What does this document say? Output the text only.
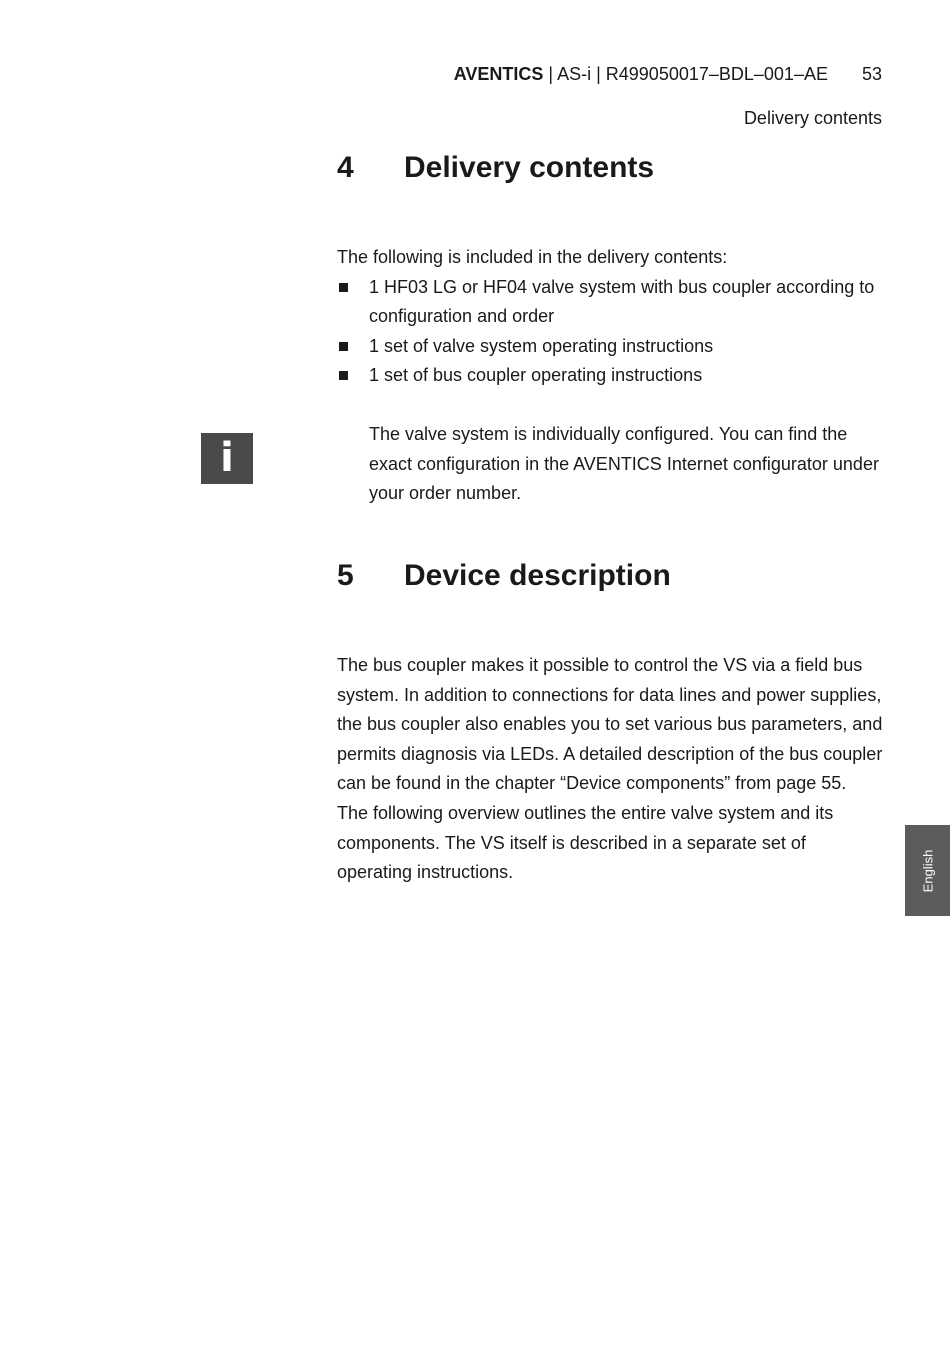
AVENTICS | AS-i | R499050017–BDL–001–AE 53
Delivery contents
4 Delivery contents
The following is included in the delivery contents:
1 HF03 LG or HF04 valve system with bus coupler according to configuration and order
1 set of valve system operating instructions
1 set of bus coupler operating instructions
i
The valve system is individually configured. You can find the exact configuration in the AVENTICS Internet configurator under your order number.
5 Device description
The bus coupler makes it possible to control the VS via a field bus system. In addition to connections for data lines and power supplies, the bus coupler also enables you to set various bus parameters, and permits diagnosis via LEDs. A detailed description of the bus coupler can be found in the chapter “Device components” from page 55.
The following overview outlines the entire valve system and its components. The VS itself is described in a separate set of operating instructions.	English
